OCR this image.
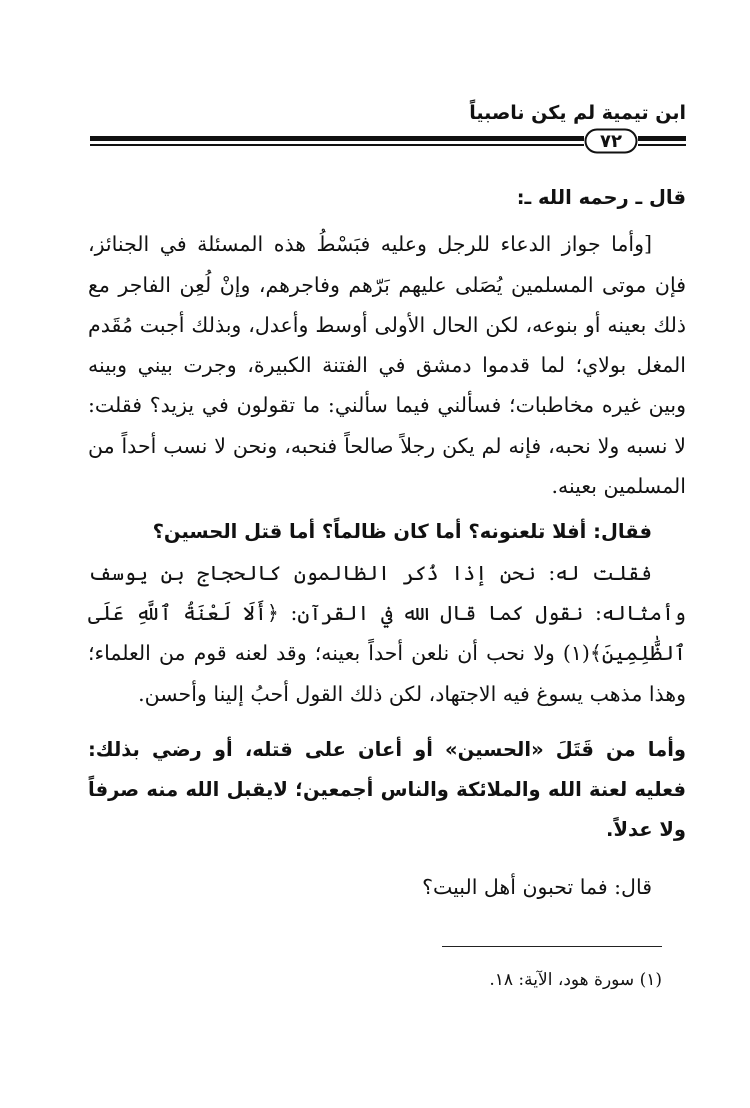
ابن تيمية لم يكن ناصبياً
٧٢

قال ـ رحمه الله ـ:

[وأما جواز الدعاء للرجل وعليه فبَسْطُ هذه المسئلة في الجنائز، فإن موتى المسلمين يُصَلى عليهم بَرّهم وفاجرهم، وإنْ لُعِن الفاجر مع ذلك بعينه أو بنوعه، لكن الحال الأولى أوسط وأعدل، وبذلك أجبت مُقَدم المغل بولاي؛ لما قدموا دمشق في الفتنة الكبيرة، وجرت بيني وبينه وبين غيره مخاطبات؛ فسألني فيما سألني: ما تقولون في يزيد؟ فقلت: لا نسبه ولا نحبه، فإنه لم يكن رجلاً صالحاً فنحبه، ونحن لا نسب أحداً من المسلمين بعينه.

فقال: أفلا تلعنونه؟ أما كان ظالماً؟ أما قتل الحسين؟

فقلت له: نحن إذا ذُكر الظالمون كالحجاج بن يوسف وأمثاله: نقول كما قال الله في القرآن: ﴿أَلَا لَعْنَةُ ٱللَّهِ عَلَى ٱلظَّٰلِمِينَ﴾(١) ولا نحب أن نلعن أحداً بعينه؛ وقد لعنه قوم من العلماء؛ وهذا مذهب يسوغ فيه الاجتهاد، لكن ذلك القول أحبُ إلينا وأحسن.

وأما من قَتَلَ «الحسين» أو أعان على قتله، أو رضي بذلك: فعليه لعنة الله والملائكة والناس أجمعين؛ لايقبل الله منه صرفاً ولا عدلاً.

قال: فما تحبون أهل البيت؟

(١) سورة هود، الآية: ١٨.
